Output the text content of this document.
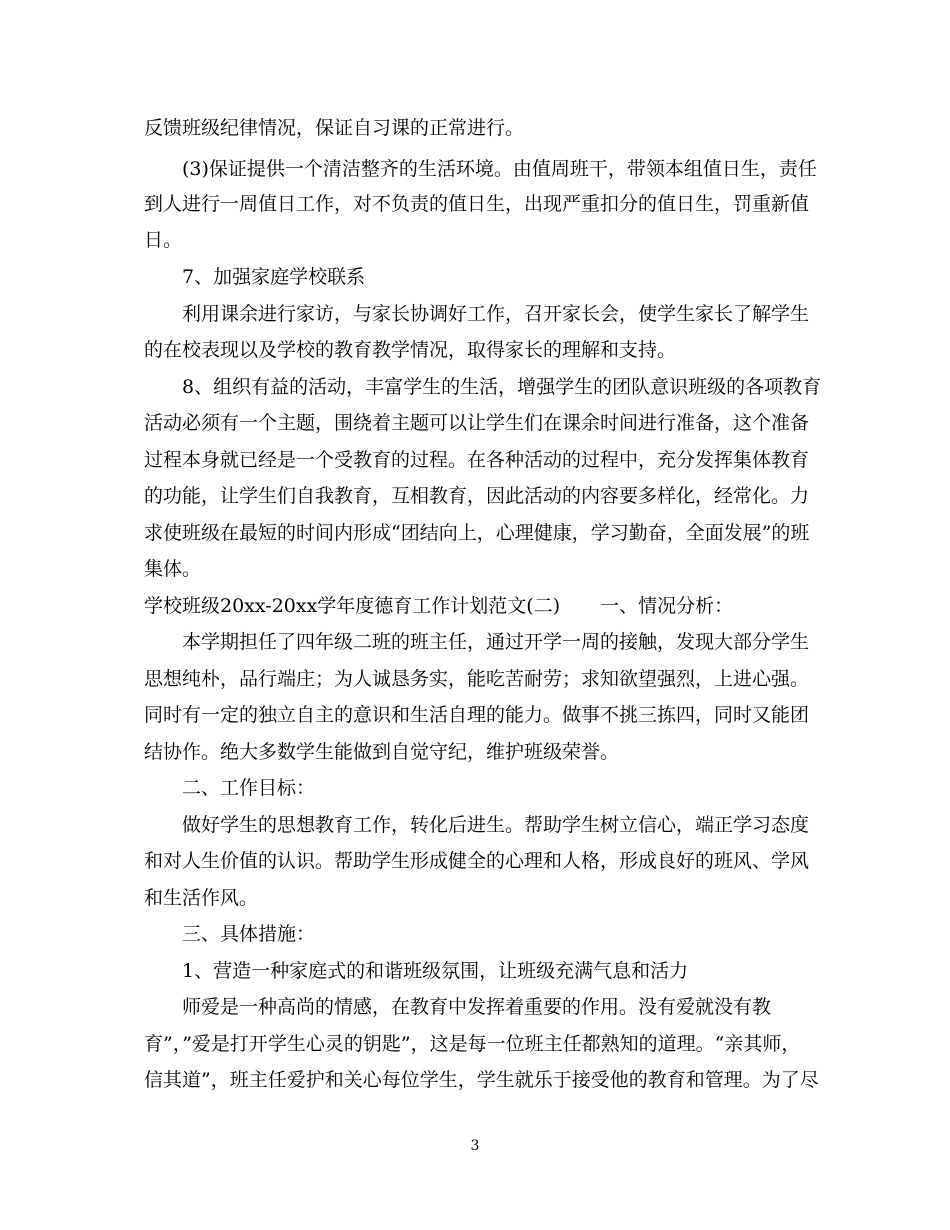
反馈班级纪律情况，保证自习课的正常进行。
(3)保证提供一个清洁整齐的生活环境。由值周班干，带领本组值日生，责任
到人进行一周值日工作，对不负责的值日生，出现严重扣分的值日生，罚重新值
日。
7、加强家庭学校联系
利用课余进行家访，与家长协调好工作，召开家长会，使学生家长了解学生
的在校表现以及学校的教育教学情况，取得家长的理解和支持。
8、组织有益的活动，丰富学生的生活，增强学生的团队意识班级的各项教育
活动必须有一个主题，围绕着主题可以让学生们在课余时间进行准备，这个准备
过程本身就已经是一个受教育的过程。在各种活动的过程中，充分发挥集体教育
的功能，让学生们自我教育，互相教育，因此活动的内容要多样化，经常化。力
求使班级在最短的时间内形成“团结向上，心理健康，学习勤奋，全面发展”的班
集体。
学校班级20xx-20xx学年度德育工作计划范文(二) 一、情况分析：
本学期担任了四年级二班的班主任，通过开学一周的接触，发现大部分学生
思想纯朴，品行端庄；为人诚恳务实，能吃苦耐劳；求知欲望强烈，上进心强。
同时有一定的独立自主的意识和生活自理的能力。做事不挑三拣四，同时又能团
结协作。绝大多数学生能做到自觉守纪，维护班级荣誉。
二、工作目标：
做好学生的思想教育工作，转化后进生。帮助学生树立信心，端正学习态度
和对人生价值的认识。帮助学生形成健全的心理和人格，形成良好的班风、学风
和生活作风。
三、具体措施：
1、营造一种家庭式的和谐班级氛围，让班级充满气息和活力
师爱是一种高尚的情感，在教育中发挥着重要的作用。没有爱就没有教
育”，”爱是打开学生心灵的钥匙”，这是每一位班主任都熟知的道理。“亲其师，
信其道”，班主任爱护和关心每位学生，学生就乐于接受他的教育和管理。为了尽
3
